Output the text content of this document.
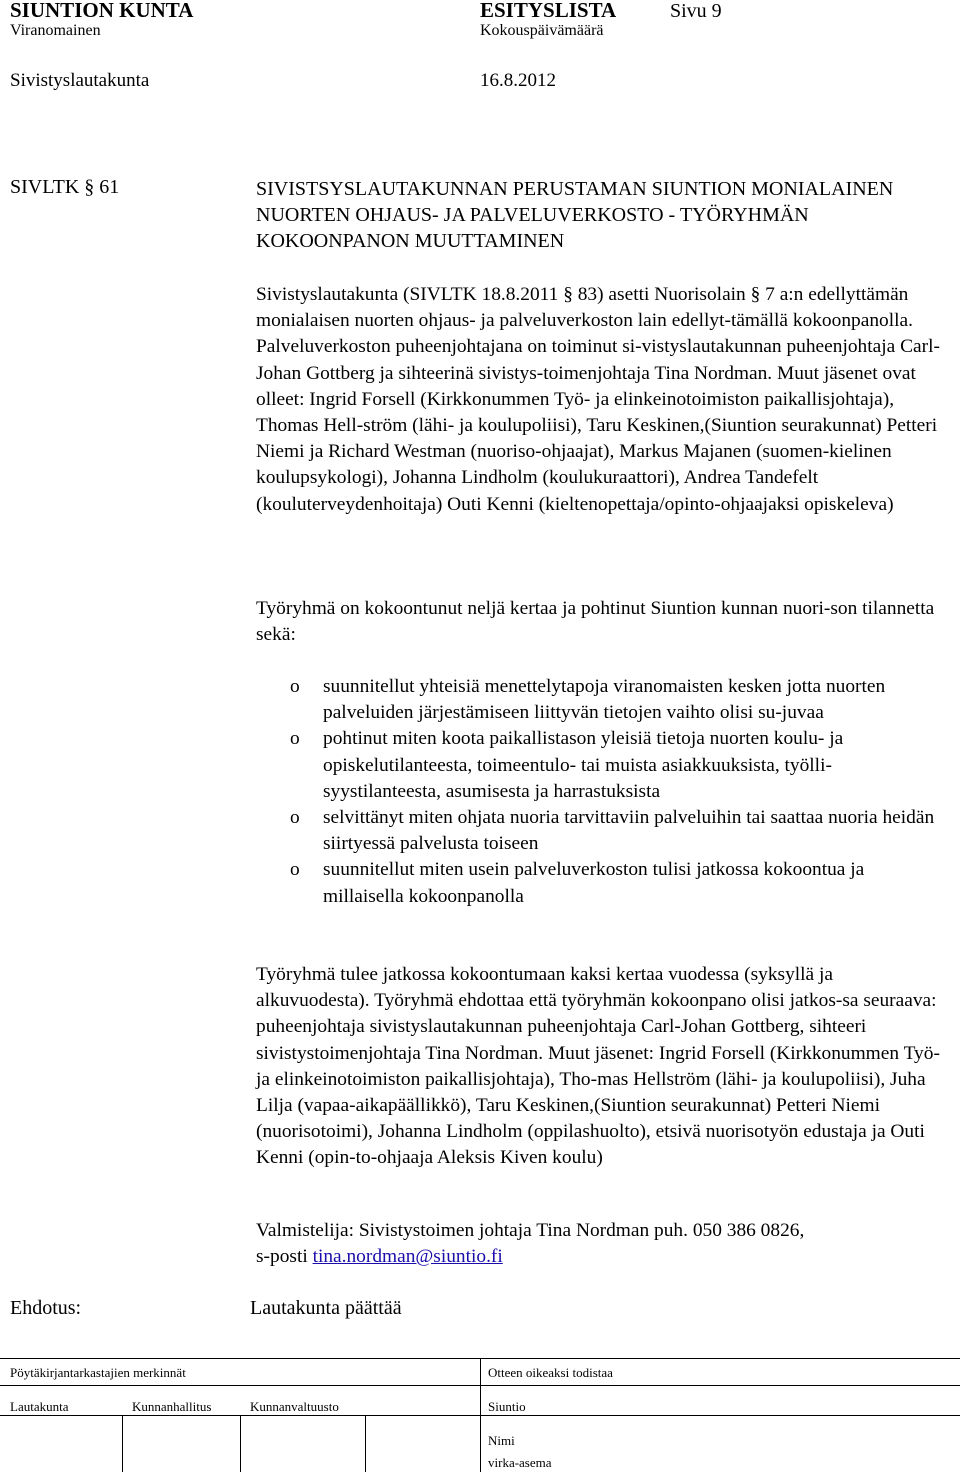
SIUNTION KUNTA	ESITYSLISTA	Sivu 9
Viranomainen	Kokouspäivämäärä
Sivistyslautakunta	16.8.2012
SIVLTK § 61	SIVISTSYSLAUTAKUNNAN PERUSTAMAN SIUNTION MONIALAINEN NUORTEN OHJAUS- JA PALVELUVERKOSTO - TYÖRYHMÄN KOKOONPANON MUUTTAMINEN
Sivistyslautakunta (SIVLTK 18.8.2011 § 83) asetti Nuorisolain § 7 a:n edellyttämän monialaisen nuorten ohjaus- ja palveluverkoston lain edellyt-tämällä kokoonpanolla. Palveluverkoston puheenjohtajana on toiminut si-vistyslautakunnan puheenjohtaja Carl-Johan Gottberg ja sihteerinä sivistys-toimenjohtaja Tina Nordman. Muut jäsenet ovat olleet: Ingrid Forsell (Kirkkonummen Työ- ja elinkeinotoimiston paikallisjohtaja), Thomas Hell-ström (lähi- ja koulupoliisi), Taru Keskinen,(Siuntion seurakunnat) Petteri Niemi ja Richard Westman (nuoriso-ohjaajat), Markus Majanen (suomen-kielinen koulupsykologi), Johanna Lindholm (koulukuraattori), Andrea Tandefelt (kouluterveydenhoitaja) Outi Kenni (kieltenopettaja/opinto-ohjaajaksi opiskeleva)
Työryhmä on kokoontunut neljä kertaa ja pohtinut Siuntion kunnan nuori-son tilannetta sekä:
o suunnitellut yhteisiä menettelytapoja viranomaisten kesken jotta nuorten palveluiden järjestämiseen liittyvän tietojen vaihto olisi su-juvaa
o pohtinut miten koota paikallistason yleisiä tietoja nuorten koulu- ja opiskelutilanteesta, toimeentulo- tai muista asiakkuuksista, työlli-syystilanteesta, asumisesta ja harrastuksista
o selvittänyt miten ohjata nuoria tarvittaviin palveluihin tai saattaa nuoria heidän siirtyessä palvelusta toiseen
o suunnitellut miten usein palveluverkoston tulisi jatkossa kokoontua ja millaisella kokoonpanolla
Työryhmä tulee jatkossa kokoontumaan kaksi kertaa vuodessa (syksyllä ja alkuvuodesta). Työryhmä ehdottaa että työryhmän kokoonpano olisi jatkos-sa seuraava: puheenjohtaja sivistyslautakunnan puheenjohtaja Carl-Johan Gottberg, sihteeri sivistystoimenjohtaja Tina Nordman. Muut jäsenet: Ingrid Forsell (Kirkkonummen Työ- ja elinkeinotoimiston paikallisjohtaja), Tho-mas Hellström (lähi- ja koulupoliisi), Juha Lilja (vapaa-aikapäällikkö), Taru Keskinen,(Siuntion seurakunnat) Petteri Niemi (nuorisotoimi), Johanna Lindholm (oppilashuolto), etsivä nuorisotyön edustaja ja Outi Kenni (opin-to-ohjaaja Aleksis Kiven koulu)
Valmistelija: Sivistystoimen johtaja Tina Nordman puh. 050 386 0826,
s-posti tina.nordman@siuntio.fi
Ehdotus:	Lautakunta päättää
Pöytäkirjantarkastajien merkinnät	Otteen oikeaksi todistaa
Lautakunta	Kunnanhallitus	Kunnanvaltuusto	Siuntio
Nimi
virka-asema
